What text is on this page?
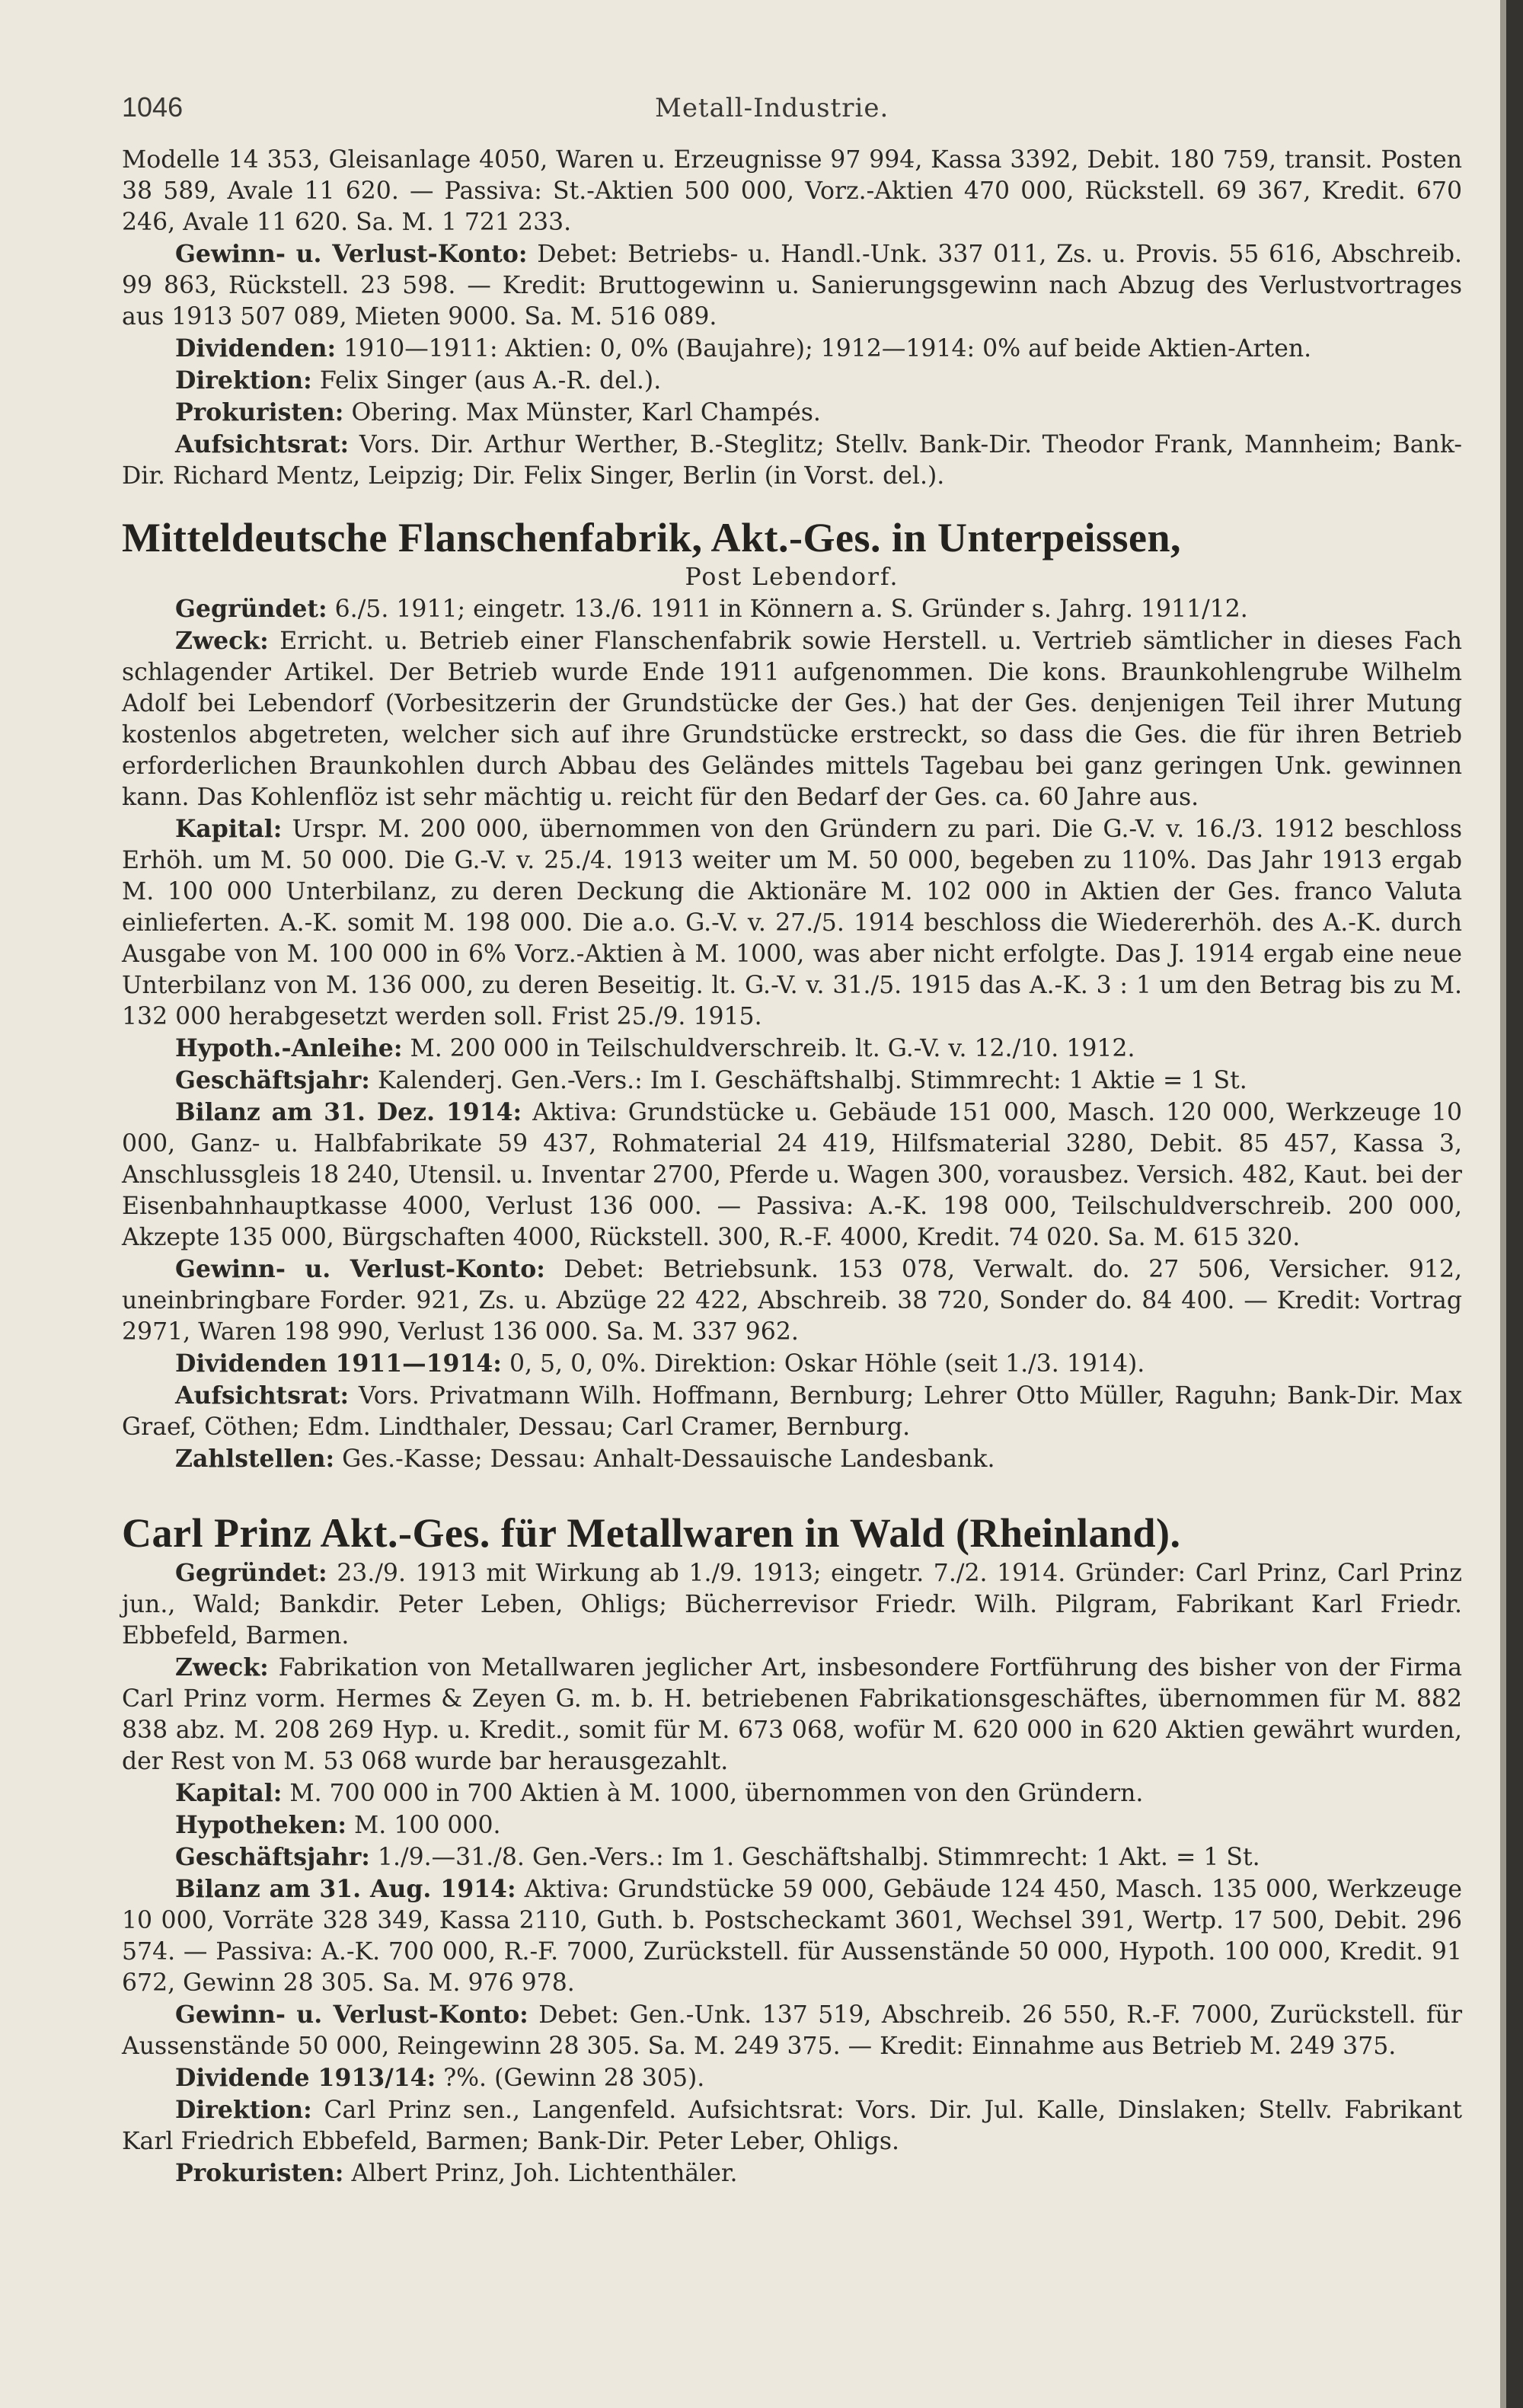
1046	Metall-Industrie.

Modelle 14 353, Gleisanlage 4050, Waren u. Erzeugnisse 97 994, Kassa 3392, Debit. 180 759, transit. Posten 38 589, Avale 11 620. — Passiva: St.-Aktien 500 000, Vorz.-Aktien 470 000, Rückstell. 69 367, Kredit. 670 246, Avale 11 620. Sa. M. 1 721 233.

Gewinn- u. Verlust-Konto: Debet: Betriebs- u. Handl.-Unk. 337 011, Zs. u. Provis. 55 616, Abschreib. 99 863, Rückstell. 23 598. — Kredit: Bruttogewinn u. Sanierungsgewinn nach Abzug des Verlustvortrages aus 1913 507 089, Mieten 9000. Sa. M. 516 089.

Dividenden: 1910—1911: Aktien: 0, 0% (Baujahre); 1912—1914: 0% auf beide Aktien-Arten.

Direktion: Felix Singer (aus A.-R. del.).

Prokuristen: Obering. Max Münster, Karl Champés.

Aufsichtsrat: Vors. Dir. Arthur Werther, B.-Steglitz; Stellv. Bank-Dir. Theodor Frank, Mannheim; Bank-Dir. Richard Mentz, Leipzig; Dir. Felix Singer, Berlin (in Vorst. del.).

Mitteldeutsche Flanschenfabrik, Akt.-Ges. in Unterpeissen,
Post Lebendorf.

Gegründet: 6./5. 1911; eingetr. 13./6. 1911 in Könnern a. S. Gründer s. Jahrg. 1911/12.

Zweck: Erricht. u. Betrieb einer Flanschenfabrik sowie Herstell. u. Vertrieb sämtlicher in dieses Fach schlagender Artikel. Der Betrieb wurde Ende 1911 aufgenommen. Die kons. Braunkohlengrube Wilhelm Adolf bei Lebendorf (Vorbesitzerin der Grundstücke der Ges.) hat der Ges. denjenigen Teil ihrer Mutung kostenlos abgetreten, welcher sich auf ihre Grundstücke erstreckt, so dass die Ges. die für ihren Betrieb erforderlichen Braunkohlen durch Abbau des Geländes mittels Tagebau bei ganz geringen Unk. gewinnen kann. Das Kohlenflöz ist sehr mächtig u. reicht für den Bedarf der Ges. ca. 60 Jahre aus.

Kapital: Urspr. M. 200 000, übernommen von den Gründern zu pari. Die G.-V. v. 16./3. 1912 beschloss Erhöh. um M. 50 000. Die G.-V. v. 25./4. 1913 weiter um M. 50 000, begeben zu 110%. Das Jahr 1913 ergab M. 100 000 Unterbilanz, zu deren Deckung die Aktionäre M. 102 000 in Aktien der Ges. franco Valuta einlieferten. A.-K. somit M. 198 000. Die a.o. G.-V. v. 27./5. 1914 beschloss die Wiedererhöh. des A.-K. durch Ausgabe von M. 100 000 in 6% Vorz.-Aktien à M. 1000, was aber nicht erfolgte. Das J. 1914 ergab eine neue Unterbilanz von M. 136 000, zu deren Beseitig. lt. G.-V. v. 31./5. 1915 das A.-K. 3 : 1 um den Betrag bis zu M. 132 000 herabgesetzt werden soll. Frist 25./9. 1915.

Hypoth.-Anleihe: M. 200 000 in Teilschuldverschreib. lt. G.-V. v. 12./10. 1912.

Geschäftsjahr: Kalenderj. Gen.-Vers.: Im I. Geschäftshalbj. Stimmrecht: 1 Aktie = 1 St.

Bilanz am 31. Dez. 1914: Aktiva: Grundstücke u. Gebäude 151 000, Masch. 120 000, Werkzeuge 10 000, Ganz- u. Halbfabrikate 59 437, Rohmaterial 24 419, Hilfsmaterial 3280, Debit. 85 457, Kassa 3, Anschlussgleis 18 240, Utensil. u. Inventar 2700, Pferde u. Wagen 300, vorausbez. Versich. 482, Kaut. bei der Eisenbahnhauptkasse 4000, Verlust 136 000. — Passiva: A.-K. 198 000, Teilschuldverschreib. 200 000, Akzepte 135 000, Bürgschaften 4000, Rückstell. 300, R.-F. 4000, Kredit. 74 020. Sa. M. 615 320.

Gewinn- u. Verlust-Konto: Debet: Betriebsunk. 153 078, Verwalt. do. 27 506, Versicher. 912, uneinbringbare Forder. 921, Zs. u. Abzüge 22 422, Abschreib. 38 720, Sonder do. 84 400. — Kredit: Vortrag 2971, Waren 198 990, Verlust 136 000. Sa. M. 337 962.

Dividenden 1911—1914: 0, 5, 0, 0%. Direktion: Oskar Höhle (seit 1./3. 1914).

Aufsichtsrat: Vors. Privatmann Wilh. Hoffmann, Bernburg; Lehrer Otto Müller, Raguhn; Bank-Dir. Max Graef, Cöthen; Edm. Lindthaler, Dessau; Carl Cramer, Bernburg.

Zahlstellen: Ges.-Kasse; Dessau: Anhalt-Dessauische Landesbank.

Carl Prinz Akt.-Ges. für Metallwaren in Wald (Rheinland).

Gegründet: 23./9. 1913 mit Wirkung ab 1./9. 1913; eingetr. 7./2. 1914. Gründer: Carl Prinz, Carl Prinz jun., Wald; Bankdir. Peter Leben, Ohligs; Bücherrevisor Friedr. Wilh. Pilgram, Fabrikant Karl Friedr. Ebbefeld, Barmen.

Zweck: Fabrikation von Metallwaren jeglicher Art, insbesondere Fortführung des bisher von der Firma Carl Prinz vorm. Hermes & Zeyen G. m. b. H. betriebenen Fabrikationsgeschäftes, übernommen für M. 882 838 abz. M. 208 269 Hyp. u. Kredit., somit für M. 673 068, wofür M. 620 000 in 620 Aktien gewährt wurden, der Rest von M. 53 068 wurde bar herausgezahlt.

Kapital: M. 700 000 in 700 Aktien à M. 1000, übernommen von den Gründern.

Hypotheken: M. 100 000.

Geschäftsjahr: 1./9.—31./8. Gen.-Vers.: Im 1. Geschäftshalbj. Stimmrecht: 1 Akt. = 1 St.

Bilanz am 31. Aug. 1914: Aktiva: Grundstücke 59 000, Gebäude 124 450, Masch. 135 000, Werkzeuge 10 000, Vorräte 328 349, Kassa 2110, Guth. b. Postscheckamt 3601, Wechsel 391, Wertp. 17 500, Debit. 296 574. — Passiva: A.-K. 700 000, R.-F. 7000, Zurückstell. für Aussenstände 50 000, Hypoth. 100 000, Kredit. 91 672, Gewinn 28 305. Sa. M. 976 978.

Gewinn- u. Verlust-Konto: Debet: Gen.-Unk. 137 519, Abschreib. 26 550, R.-F. 7000, Zurückstell. für Aussenstände 50 000, Reingewinn 28 305. Sa. M. 249 375. — Kredit: Einnahme aus Betrieb M. 249 375.

Dividende 1913/14: ?%. (Gewinn 28 305).

Direktion: Carl Prinz sen., Langenfeld. Aufsichtsrat: Vors. Dir. Jul. Kalle, Dinslaken; Stellv. Fabrikant Karl Friedrich Ebbefeld, Barmen; Bank-Dir. Peter Leber, Ohligs.

Prokuristen: Albert Prinz, Joh. Lichtenthäler.
